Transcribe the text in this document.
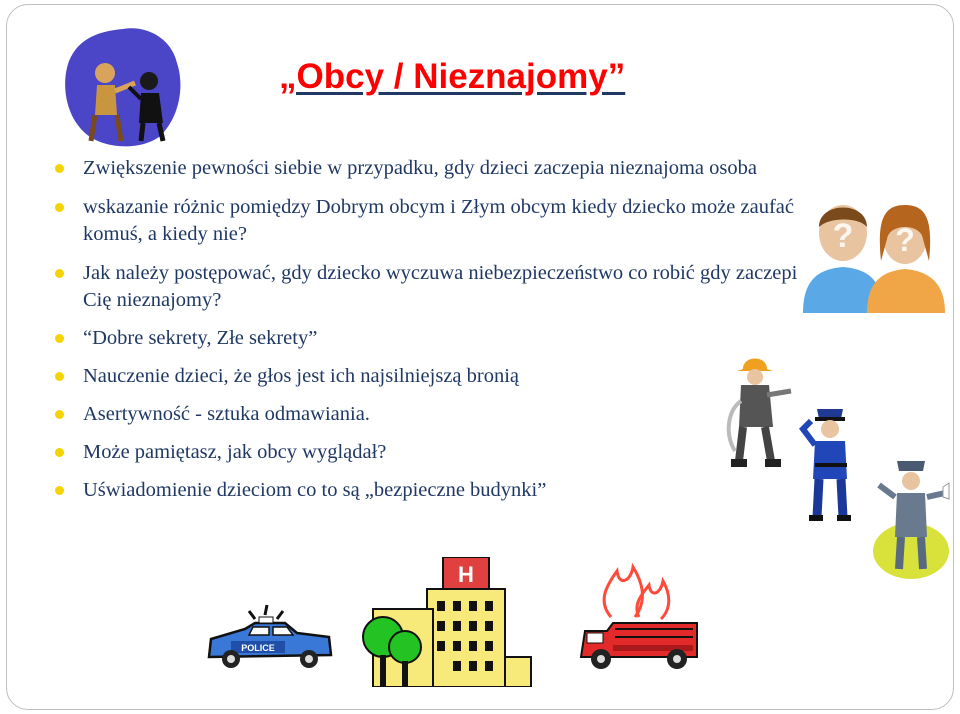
„Obcy / Nieznajomy”
Zwiększenie pewności siebie w przypadku, gdy dzieci zaczepia nieznajoma osoba
wskazanie różnic pomiędzy Dobrym obcym i Złym obcym kiedy dziecko może zaufać komuś, a kiedy nie?
Jak należy postępować, gdy dziecko wyczuwa niebezpieczeństwo co robić gdy zaczepi Cię nieznajomy?
“Dobre sekrety, Złe sekrety”
Nauczenie dzieci, że głos jest ich najsilniejszą bronią
Asertywność - sztuka odmawiania.
Może pamiętasz, jak obcy wyglądał?
Uświadomienie dzieciom co to są „bezpieczne budynki”
? ?
POLICE
H
